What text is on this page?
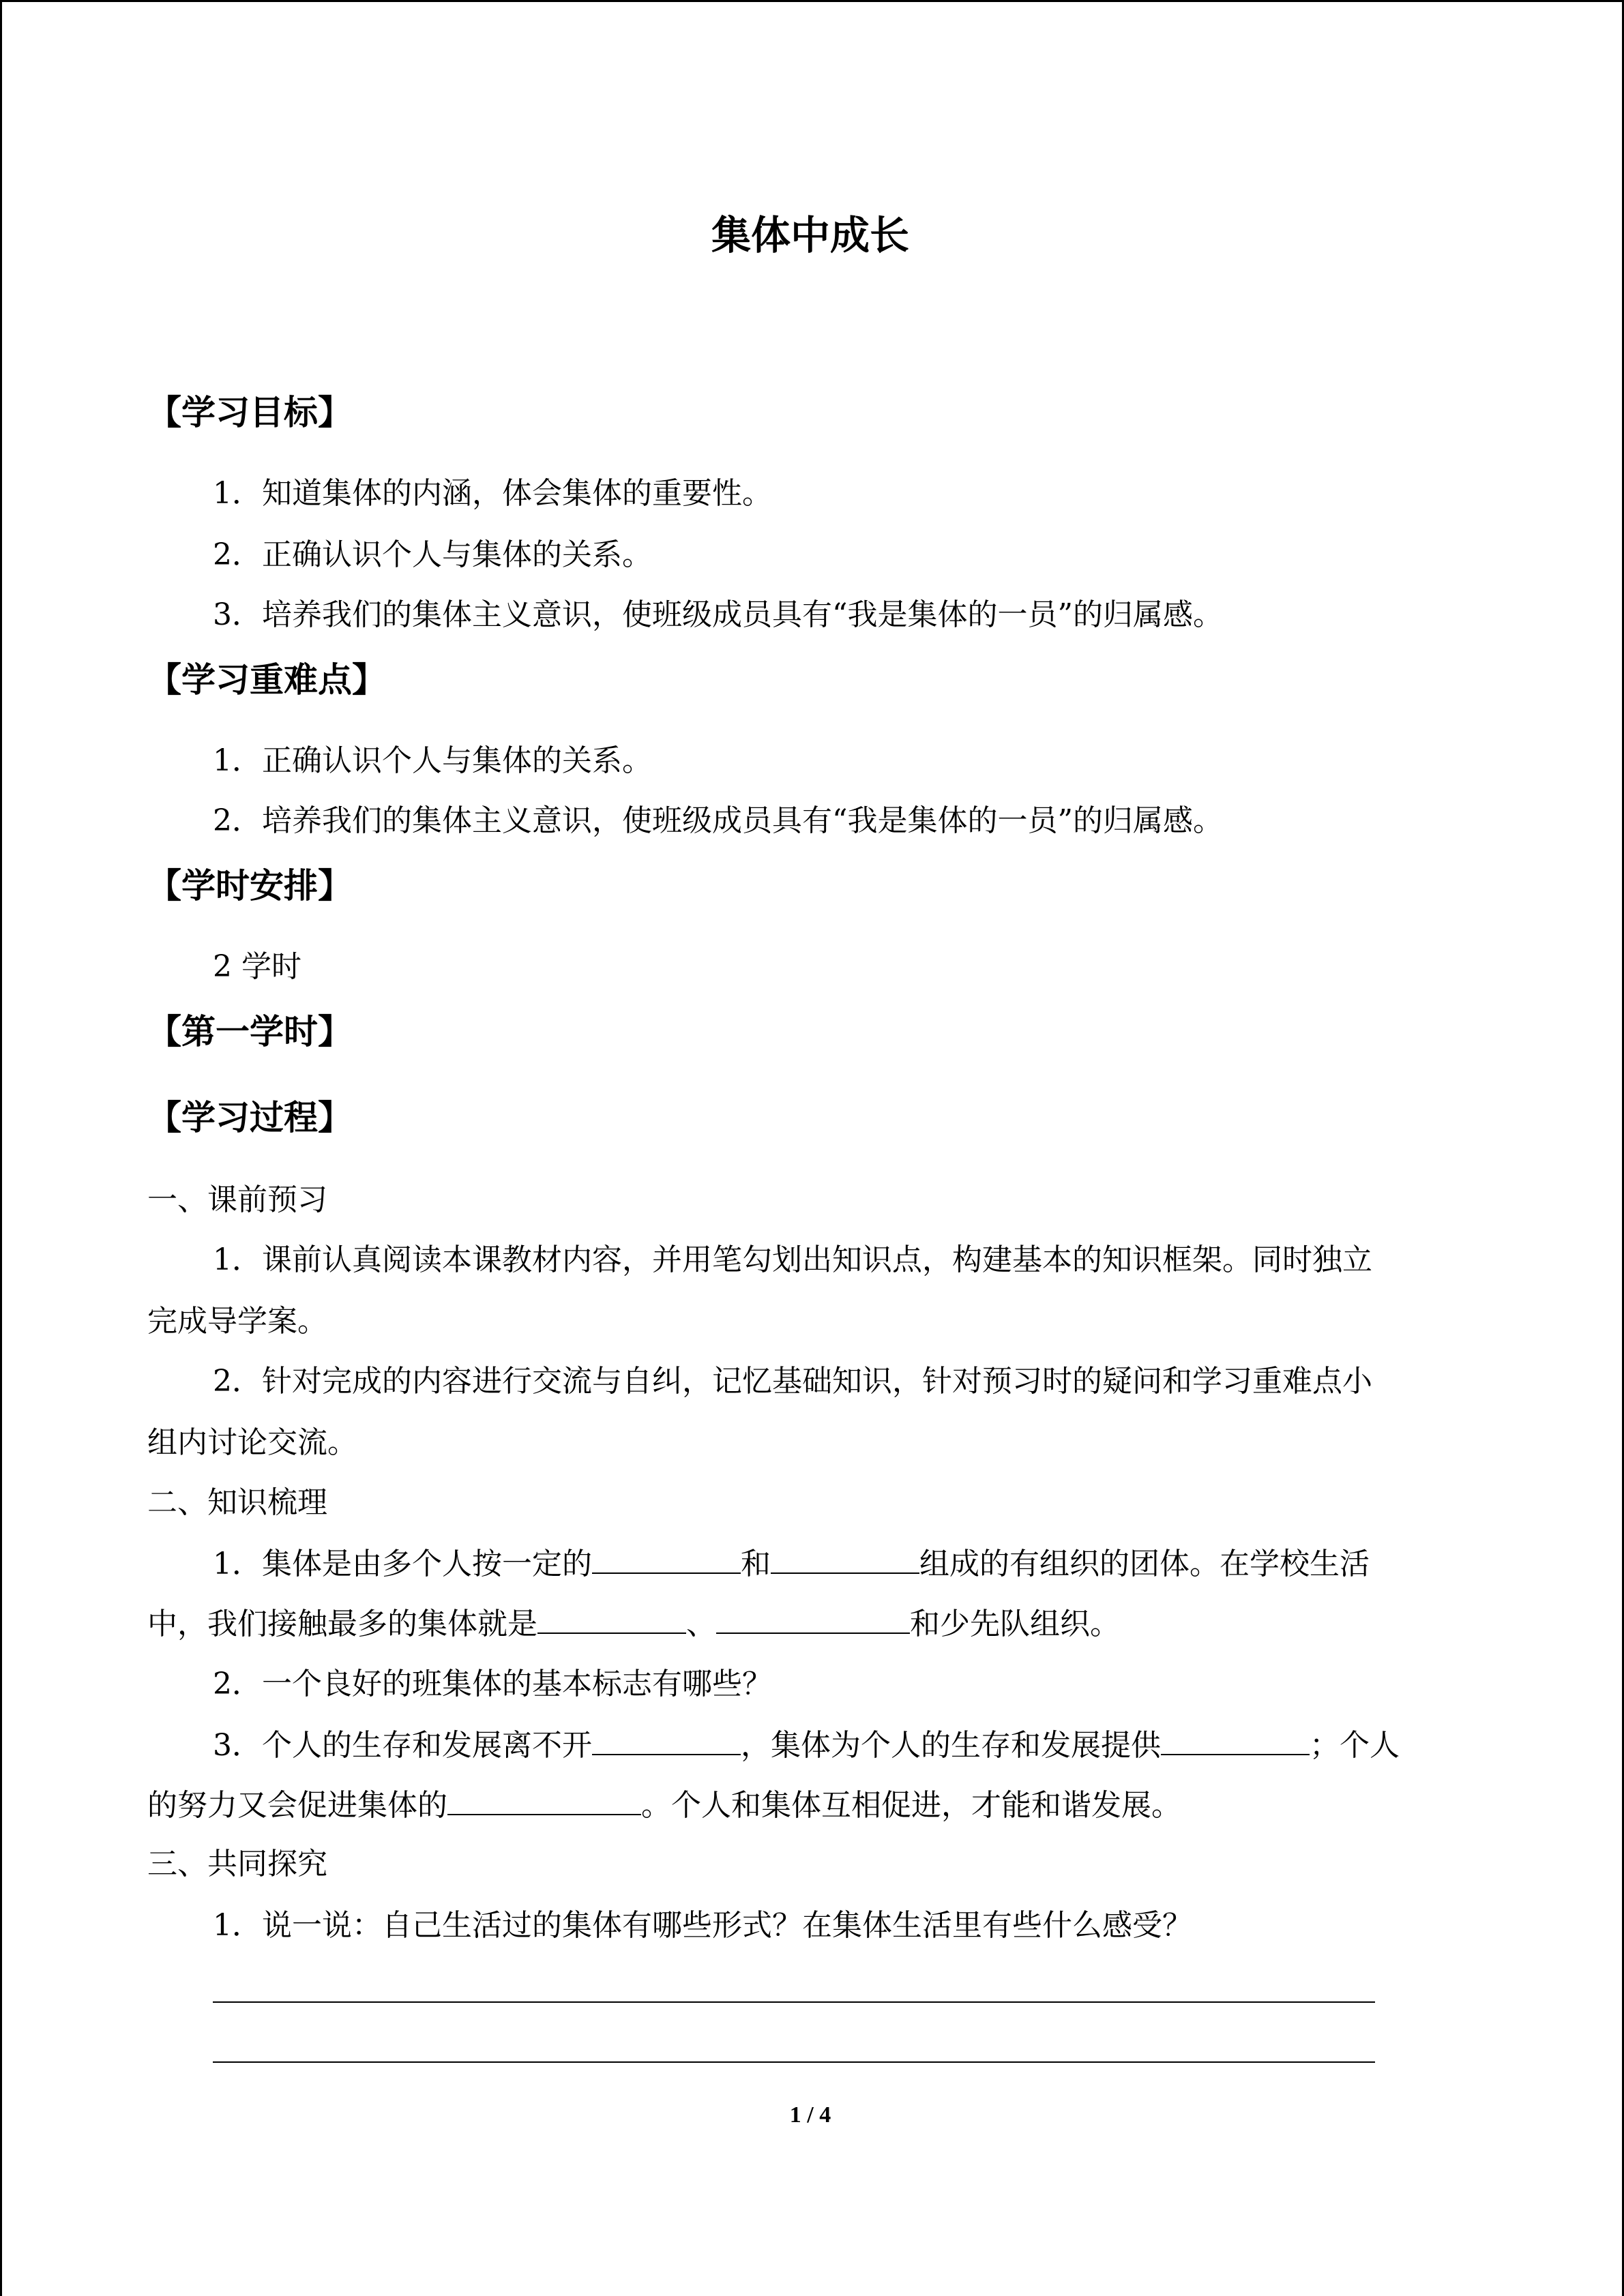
集体中成长
【学习目标】
1．知道集体的内涵，体会集体的重要性。
2．正确认识个人与集体的关系。
3．培养我们的集体主义意识，使班级成员具有“我是集体的一员”的归属感。
【学习重难点】
1．正确认识个人与集体的关系。
2．培养我们的集体主义意识，使班级成员具有“我是集体的一员”的归属感。
【学时安排】
2 学时
【第一学时】
【学习过程】
一、课前预习
1．课前认真阅读本课教材内容，并用笔勾划出知识点，构建基本的知识框架。同时独立
完成导学案。
2．针对完成的内容进行交流与自纠，记忆基础知识，针对预习时的疑问和学习重难点小
组内讨论交流。
二、知识梳理
1．集体是由多个人按一定的	和	组成的有组织的团体。在学校生活
中，我们接触最多的集体就是	、	和少先队组织。
2．一个良好的班集体的基本标志有哪些？
3．个人的生存和发展离不开	，集体为个人的生存和发展提供	；个人
的努力又会促进集体的	。个人和集体互相促进，才能和谐发展。
三、共同探究
1．说一说：自己生活过的集体有哪些形式？在集体生活里有些什么感受？
1 / 4
